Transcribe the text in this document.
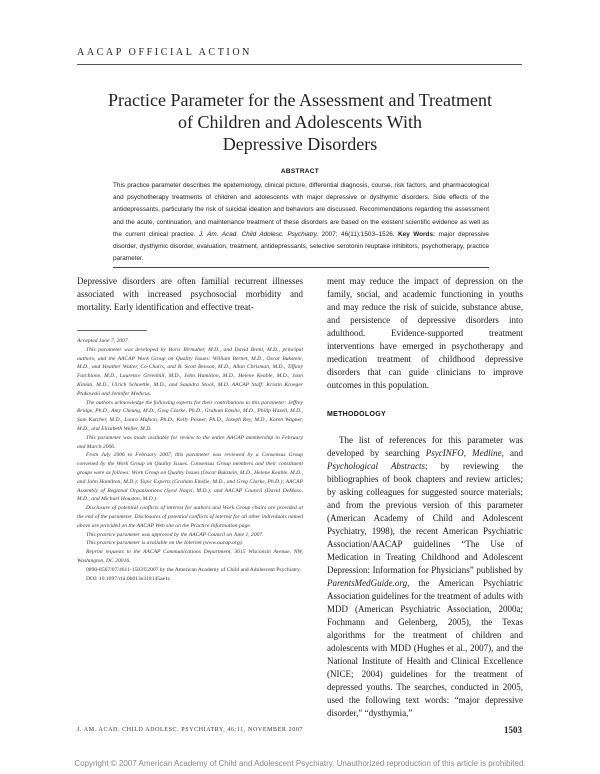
AACAP OFFICIAL ACTION
Practice Parameter for the Assessment and Treatment
of Children and Adolescents With
Depressive Disorders
ABSTRACT
This practice parameter describes the epidemiology, clinical picture, differential diagnosis, course, risk factors, and pharmacological and psychotherapy treatments of children and adolescents with major depressive or dysthymic disorders. Side effects of the antidepressants, particularly the risk of suicidal ideation and behaviors are discussed. Recommendations regarding the assessment and the acute, continuation, and maintenance treatment of these disorders are based on the existent scientific evidence as well as the current clinical practice. J. Am. Acad. Child Adolesc. Psychiatry, 2007; 46(11):1503–1526. Key Words: major depressive disorder, dysthymic disorder, evaluation, treatment, antidepressants, selective serotonin reuptake inhibitors, psychotherapy, practice parameter.

Depressive disorders are often familial recurrent illnesses associated with increased psychosocial morbidity and mortality. Early identification and effective treat-

Accepted June 7, 2007.

This parameter was developed by Boris Birmaher, M.D., and David Brent, M.D., principal authors, and the AACAP Work Group on Quality Issues: William Bernet, M.D., Oscar Bukstein, M.D., and Heather Walter, Co-Chairs, and R. Scott Benson, M.D., Allan Chrisman, M.D., Tiffany Farchione, M.D., Laurence Greenhill, M.D., John Hamilton, M.D., Helene Keable, M.D., Joan Kinlan, M.D., Ulrich Schoettle, M.D., and Saundra Stock, M.D. AACAP Staff: Kristin Kroeger Ptakowski and Jennifer Medicus.

The authors acknowledge the following experts for their contributions to this parameter: Jeffrey Bridge, Ph.D., Amy Cheung, M.D., Greg Clarke, Ph.D., Graham Emslie, M.D., Philip Hazell, M.D., Sam Kutcher, M.D., Laura Mufson, Ph.D., Kelly Posner, Ph.D., Joseph Rey, M.D., Karen Wagner, M.D., and Elizabeth Weller, M.D.

This parameter was made available for review to the entire AACAP membership in February and March 2006.

From July 2006 to February 2007, this parameter was reviewed by a Consensus Group convened by the Work Group on Quality Issues. Consensus Group members and their constituent groups were as follows: Work Group on Quality Issues (Oscar Bukstein, M.D., Helene Keable, M.D., and John Hamilton, M.D.); Topic Experts (Graham Emslie, M.D., and Greg Clarke, Ph.D.); AACAP Assembly of Regional Organizations (Syed Naqvi, M.D.); and AACAP Council (David DeMaso, M.D., and Michael Houston, M.D.).

Disclosure of potential conflicts of interest for authors and Work Group chairs are provided at the end of the parameter. Disclosures of potential conflicts of interest for all other individuals named above are provided on the AACAP Web site on the Practice Information page.

This practice parameter was approved by the AACAP Council on June 1, 2007.

This practice parameter is available on the Internet (www.aacap.org).

Reprint requests to the AACAP Communications Department, 3615 Wisconsin Avenue, NW, Washington, DC 20016.

0890-8567/07/4611-1503©2007 by the American Academy of Child and Adolescent Psychiatry.

DOI: 10.1097/chi.0b013e318145ae1c

ment may reduce the impact of depression on the family, social, and academic functioning in youths and may reduce the risk of suicide, substance abuse, and persistence of depressive disorders into adulthood. Evidence-supported treatment interventions have emerged in psychotherapy and medication treatment of childhood depressive disorders that can guide clinicians to improve outcomes in this population.

METHODOLOGY

The list of references for this parameter was developed by searching PsycINFO, Medline, and Psychological Abstracts; by reviewing the bibliographies of book chapters and review articles; by asking colleagues for suggested source materials; and from the previous version of this parameter (American Academy of Child and Adolescent Psychiatry, 1998), the recent American Psychiatric Association/AACAP guidelines “The Use of Medication in Treating Childhood and Adolescent Depression: Information for Physicians” published by ParentsMedGuide.org, the American Psychiatric Association guidelines for the treatment of adults with MDD (American Psychiatric Association, 2000a; Fochmann and Gelenberg, 2005), the Texas algorithms for the treatment of children and adolescents with MDD (Hughes et al., 2007), and the National Institute of Health and Clinical Excellence (NICE; 2004) guidelines for the treatment of depressed youths. The searches, conducted in 2005, used the following text words: “major depressive disorder,” “dysthymia,”

J. AM. ACAD. CHILD ADOLESC. PSYCHIATRY, 46:11, NOVEMBER 2007	1503
Copyright © 2007 American Academy of Child and Adolescent Psychiatry. Unauthorized reproduction of this article is prohibited.
